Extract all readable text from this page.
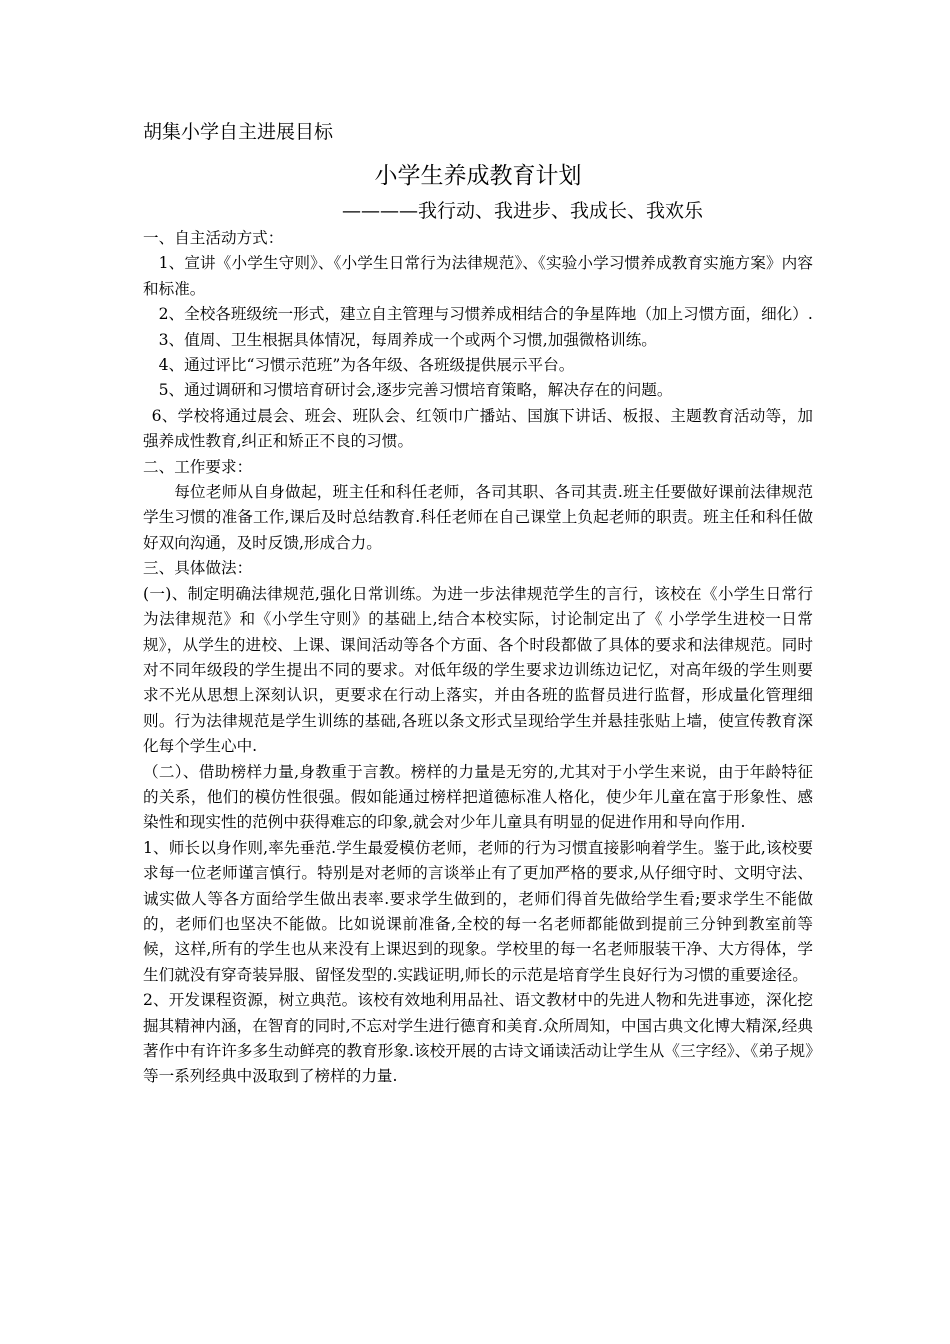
胡集小学自主进展目标
小学生养成教育计划
————我行动、我进步、我成长、我欢乐
一、自主活动方式：
1、宣讲《小学生守则》、《小学生日常行为法律规范》、《实验小学习惯养成教育实施方案》内容和标准。
2、全校各班级统一形式，建立自主管理与习惯养成相结合的争星阵地（加上习惯方面，细化）.
3、值周、卫生根据具体情况，每周养成一个或两个习惯,加强微格训练。
4、通过评比“习惯示范班”为各年级、各班级提供展示平台。
5、通过调研和习惯培育研讨会,逐步完善习惯培育策略，解决存在的问题。
6、学校将通过晨会、班会、班队会、红领巾广播站、国旗下讲话、板报、主题教育活动等，加强养成性教育,纠正和矫正不良的习惯。
二、工作要求：
每位老师从自身做起，班主任和科任老师，各司其职、各司其责.班主任要做好课前法律规范学生习惯的准备工作,课后及时总结教育.科任老师在自己课堂上负起老师的职责。班主任和科任做好双向沟通，及时反馈,形成合力。
三、具体做法：
(一)、制定明确法律规范,强化日常训练。为进一步法律规范学生的言行，该校在《小学生日常行为法律规范》和《小学生守则》的基础上,结合本校实际，讨论制定出了《 小学学生进校一日常规》，从学生的进校、上课、课间活动等各个方面、各个时段都做了具体的要求和法律规范。同时对不同年级段的学生提出不同的要求。对低年级的学生要求边训练边记忆，对高年级的学生则要求不光从思想上深刻认识，更要求在行动上落实，并由各班的监督员进行监督，形成量化管理细则。行为法律规范是学生训练的基础,各班以条文形式呈现给学生并悬挂张贴上墙，使宣传教育深化每个学生心中.
（二）、借助榜样力量,身教重于言教。榜样的力量是无穷的,尤其对于小学生来说，由于年龄特征的关系，他们的模仿性很强。假如能通过榜样把道德标准人格化，使少年儿童在富于形象性、感染性和现实性的范例中获得难忘的印象,就会对少年儿童具有明显的促进作用和导向作用.
1、师长以身作则,率先垂范.学生最爱模仿老师，老师的行为习惯直接影响着学生。鉴于此,该校要求每一位老师谨言慎行。特别是对老师的言谈举止有了更加严格的要求,从仔细守时、文明守法、诚实做人等各方面给学生做出表率.要求学生做到的，老师们得首先做给学生看;要求学生不能做的，老师们也坚决不能做。比如说课前准备,全校的每一名老师都能做到提前三分钟到教室前等候，这样,所有的学生也从来没有上课迟到的现象。学校里的每一名老师服装干净、大方得体，学生们就没有穿奇装异服、留怪发型的.实践证明,师长的示范是培育学生良好行为习惯的重要途径。
2、开发课程资源，树立典范。该校有效地利用品社、语文教材中的先进人物和先进事迹，深化挖掘其精神内涵，在智育的同时,不忘对学生进行德育和美育.众所周知，中国古典文化博大精深,经典著作中有许许多多生动鲜亮的教育形象.该校开展的古诗文诵读活动让学生从《三字经》、《弟子规》等一系列经典中汲取到了榜样的力量.
